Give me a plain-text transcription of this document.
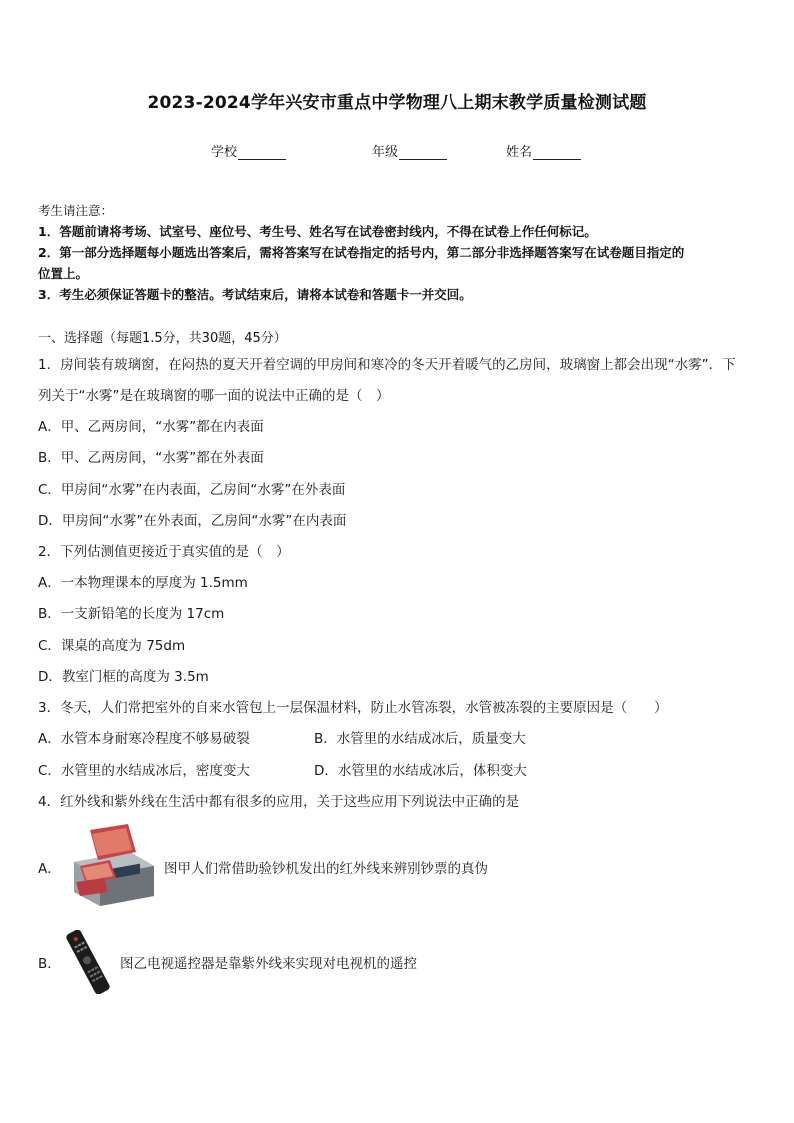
2023-2024学年兴安市重点中学物理八上期末教学质量检测试题
学校	年级	姓名
考生请注意：
1．答题前请将考场、试室号、座位号、考生号、姓名写在试卷密封线内，不得在试卷上作任何标记。
2．第一部分选择题每小题选出答案后，需将答案写在试卷指定的括号内，第二部分非选择题答案写在试卷题目指定的
位置上。
3．考生必须保证答题卡的整洁。考试结束后，请将本试卷和答题卡一并交回。
一、选择题（每题1.5分，共30题，45分）
1．房间装有玻璃窗，在闷热的夏天开着空调的甲房间和寒冷的冬天开着暖气的乙房间，玻璃窗上都会出现“水雾”．下
列关于“水雾”是在玻璃窗的哪一面的说法中正确的是（　）
A．甲、乙两房间，“水雾”都在内表面
B．甲、乙两房间，“水雾”都在外表面
C．甲房间“水雾”在内表面，乙房间“水雾”在外表面
D．甲房间“水雾”在外表面，乙房间“水雾”在内表面
2．下列估测值更接近于真实值的是（　）
A．一本物理课本的厚度为 1.5mm
B．一支新铅笔的长度为 17cm
C．课桌的高度为 75dm
D．教室门框的高度为 3.5m
3．冬天，人们常把室外的自来水管包上一层保温材料，防止水管冻裂，水管被冻裂的主要原因是（　　）
A．水管本身耐寒冷程度不够易破裂	B．水管里的水结成冰后，质量变大
C．水管里的水结成冰后，密度变大	D．水管里的水结成冰后，体积变大
4．红外线和紫外线在生活中都有很多的应用，关于这些应用下列说法中正确的是
A．	图甲人们常借助验钞机发出的红外线来辨别钞票的真伪
B．	图乙电视遥控器是靠紫外线来实现对电视机的遥控
